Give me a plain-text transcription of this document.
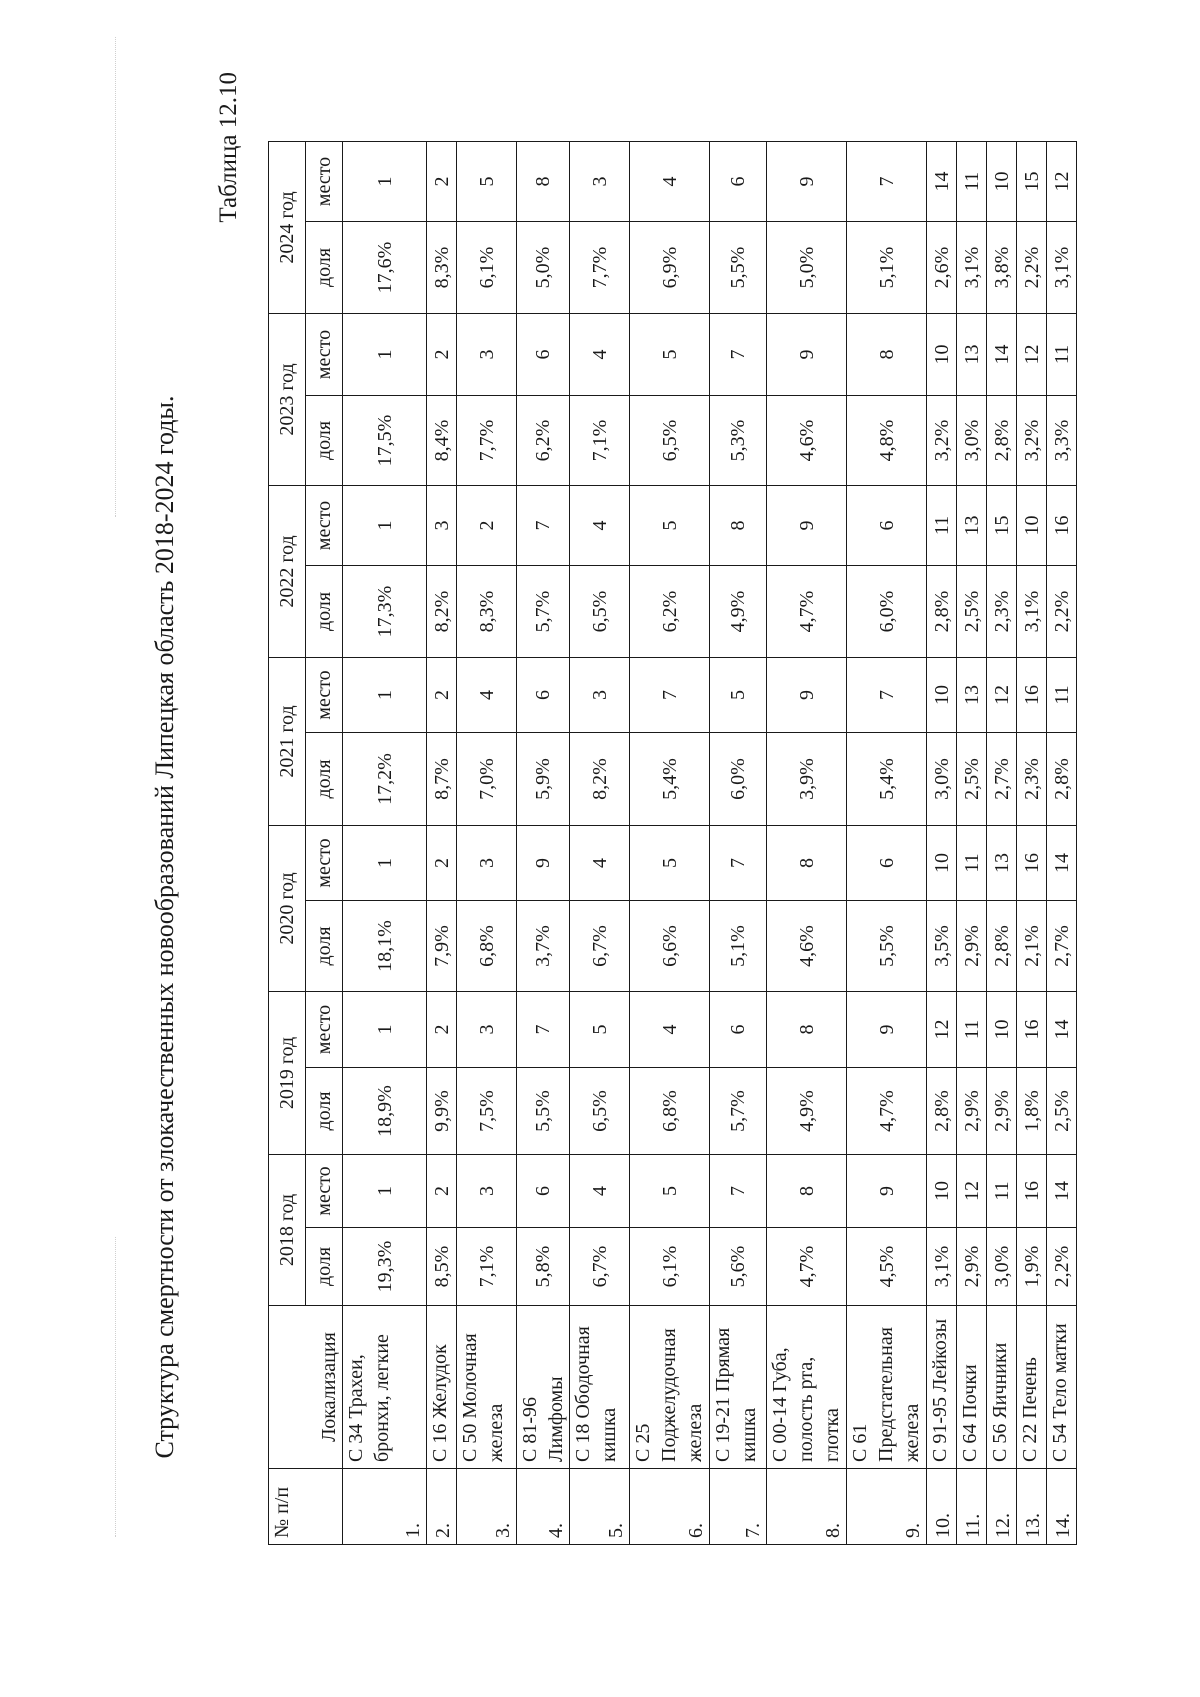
Структура смертности от злокачественных новообразований Липецкая область 2018-2024 годы.
Таблица 12.10
№ п/п	Локализация	2018 год		2019 год		2020 год		2021 год		2022 год		2023 год		2024 год	
		доля	место	доля	место	доля	место	доля	место	доля	место	доля	место	доля	место
1.	С 34 Трахеи, бронхи, легкие	19,3%	1	18,9%	1	18,1%	1	17,2%	1	17,3%	1	17,5%	1	17,6%	1
2.	С 16 Желудок	8,5%	2	9,9%	2	7,9%	2	8,7%	2	8,2%	3	8,4%	2	8,3%	2
3.	С 50 Молочная железа	7,1%	3	7,5%	3	6,8%	3	7,0%	4	8,3%	2	7,7%	3	6,1%	5
4.	С 81-96 Лимфомы	5,8%	6	5,5%	7	3,7%	9	5,9%	6	5,7%	7	6,2%	6	5,0%	8
5.	С 18 Ободочная кишка	6,7%	4	6,5%	5	6,7%	4	8,2%	3	6,5%	4	7,1%	4	7,7%	3
6.	С 25 Поджелудочная железа	6,1%	5	6,8%	4	6,6%	5	5,4%	7	6,2%	5	6,5%	5	6,9%	4
7.	С 19-21 Прямая кишка	5,6%	7	5,7%	6	5,1%	7	6,0%	5	4,9%	8	5,3%	7	5,5%	6
8.	С 00-14 Губа, полость рта, глотка	4,7%	8	4,9%	8	4,6%	8	3,9%	9	4,7%	9	4,6%	9	5,0%	9
9.	С 61 Предстательная железа	4,5%	9	4,7%	9	5,5%	6	5,4%	7	6,0%	6	4,8%	8	5,1%	7
10.	С 91-95 Лейкозы	3,1%	10	2,8%	12	3,5%	10	3,0%	10	2,8%	11	3,2%	10	2,6%	14
11.	С 64 Почки	2,9%	12	2,9%	11	2,9%	11	2,5%	13	2,5%	13	3,0%	13	3,1%	11
12.	С 56 Яичники	3,0%	11	2,9%	10	2,8%	13	2,7%	12	2,3%	15	2,8%	14	3,8%	10
13.	С 22 Печень	1,9%	16	1,8%	16	2,1%	16	2,3%	16	3,1%	10	3,2%	12	2,2%	15
14.	С 54 Тело матки	2,2%	14	2,5%	14	2,7%	14	2,8%	11	2,2%	16	3,3%	11	3,1%	12
